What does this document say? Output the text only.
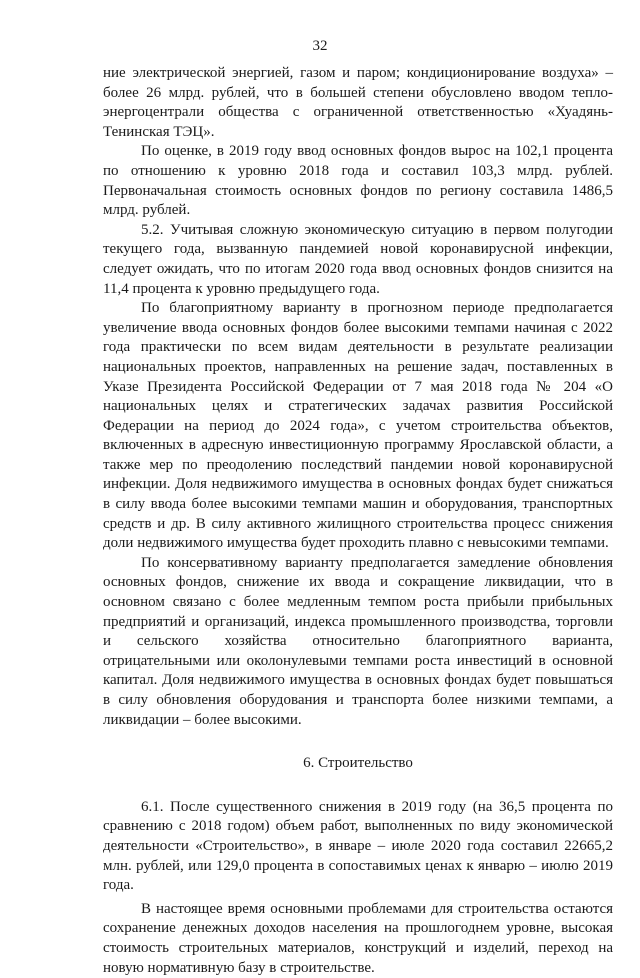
32

ние электрической энергией, газом и паром; кондиционирование воздуха» – более 26 млрд. рублей, что в большей степени обусловлено вводом тепло-энергоцентрали общества с ограниченной ответственностью «Хуадянь-Тенинская ТЭЦ».

По оценке, в 2019 году ввод основных фондов вырос на 102,1 процента по отношению к уровню 2018 года и составил 103,3 млрд. рублей. Первоначальная стоимость основных фондов по региону составила 1486,5 млрд. рублей.

5.2. Учитывая сложную экономическую ситуацию в первом полугодии текущего года, вызванную пандемией новой коронавирусной инфекции, следует ожидать, что по итогам 2020 года ввод основных фондов снизится на 11,4 процента к уровню предыдущего года.

По благоприятному варианту в прогнозном периоде предполагается увеличение ввода основных фондов более высокими темпами начиная с 2022 года практически по всем видам деятельности в результате реализации национальных проектов, направленных на решение задач, поставленных в Указе Президента Российской Федерации от 7 мая 2018 года № 204 «О национальных целях и стратегических задачах развития Российской Федерации на период до 2024 года», с учетом строительства объектов, включенных в адресную инвестиционную программу Ярославской области, а также мер по преодолению последствий пандемии новой коронавирусной инфекции. Доля недвижимого имущества в основных фондах будет снижаться в силу ввода более высокими темпами машин и оборудования, транспортных средств и др. В силу активного жилищного строительства процесс снижения доли недвижимого имущества будет проходить плавно с невысокими темпами.

По консервативному варианту предполагается замедление обновления основных фондов, снижение их ввода и сокращение ликвидации, что в основном связано с более медленным темпом роста прибыли прибыльных предприятий и организаций, индекса промышленного производства, торговли и сельского хозяйства относительно благоприятного варианта, отрицательными или околонулевыми темпами роста инвестиций в основной капитал. Доля недвижимого имущества в основных фондах будет повышаться в силу обновления оборудования и транспорта более низкими темпами, а ликвидации – более высокими.

6. Строительство

6.1. После существенного снижения в 2019 году (на 36,5 процента по сравнению с 2018 годом) объем работ, выполненных по виду экономической деятельности «Строительство», в январе – июле 2020 года составил 22665,2 млн. рублей, или 129,0 процента в сопоставимых ценах к январю – июлю 2019 года.

В настоящее время основными проблемами для строительства остаются сохранение денежных доходов населения на прошлогоднем уровне, высокая стоимость строительных материалов, конструкций и изделий, переход на новую нормативную базу в строительстве.
